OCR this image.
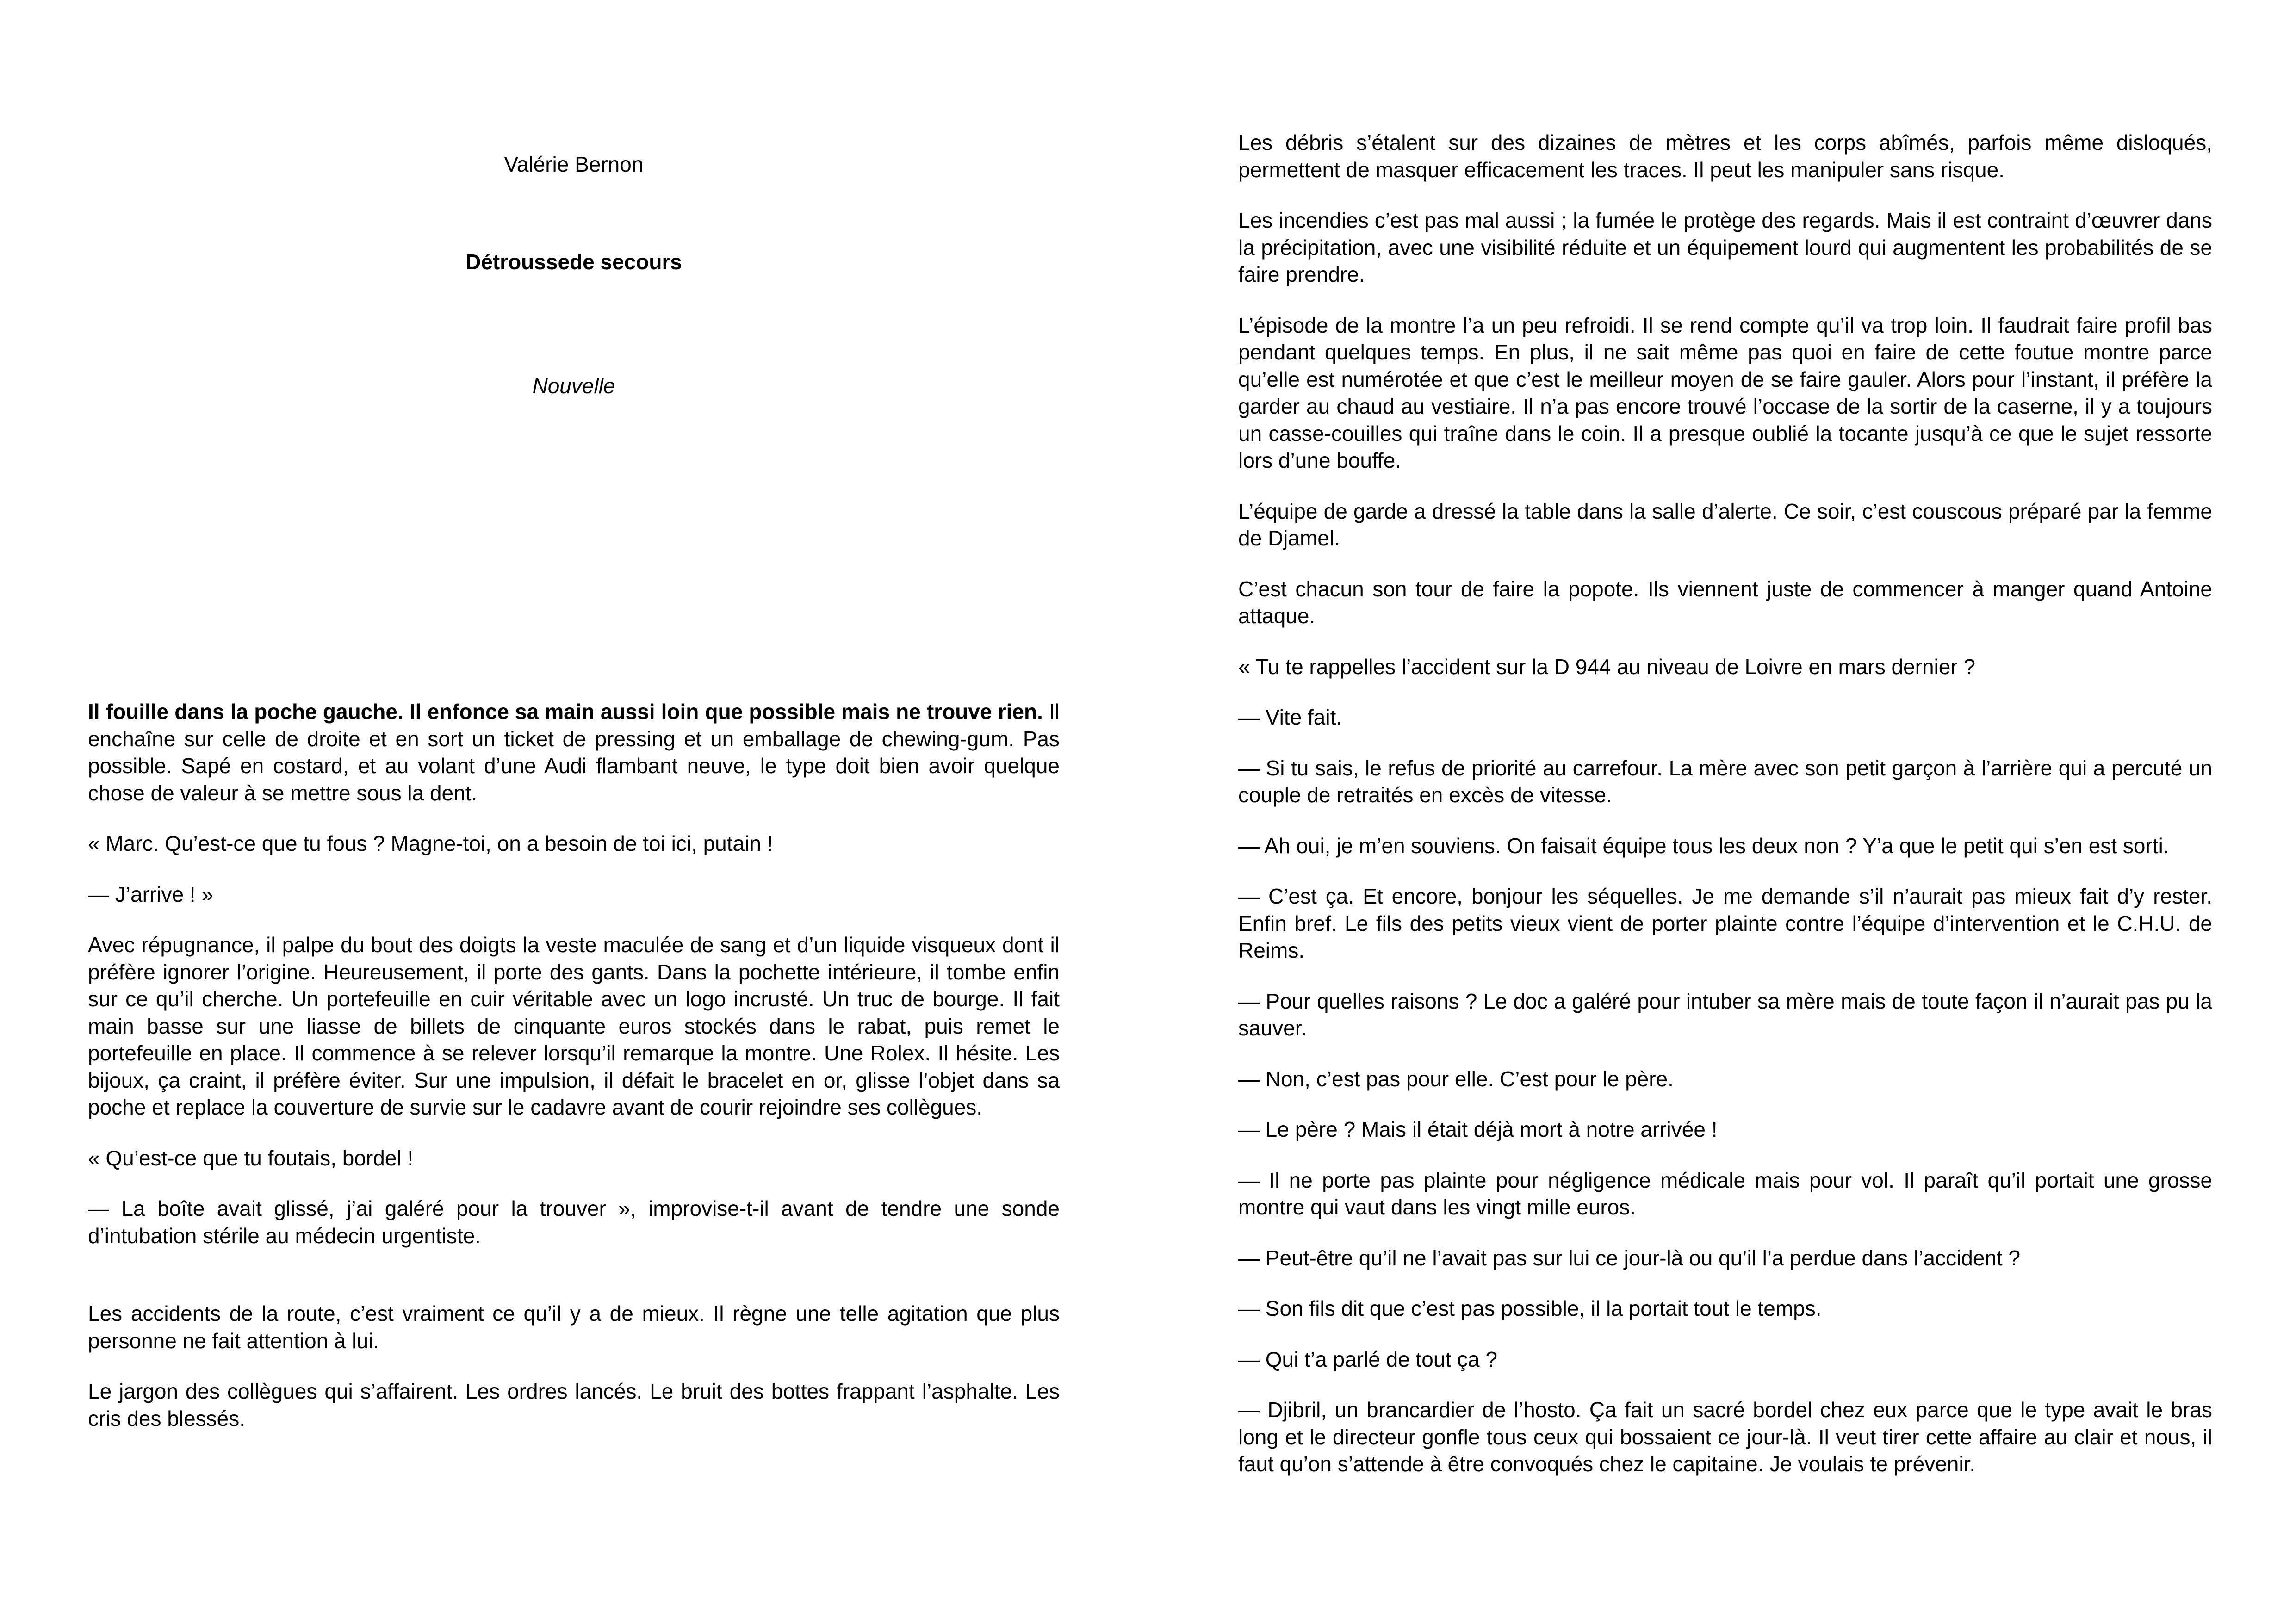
Valérie Bernon
Détroussede secours
Nouvelle

Il fouille dans la poche gauche. Il enfonce sa main aussi loin que possible mais ne trouve rien. Il enchaîne sur celle de droite et en sort un ticket de pressing et un emballage de chewing-gum. Pas possible. Sapé en costard, et au volant d’une Audi flambant neuve, le type doit bien avoir quelque chose de valeur à se mettre sous la dent.

« Marc. Qu’est-ce que tu fous ? Magne-toi, on a besoin de toi ici, putain !

— J’arrive ! »

Avec répugnance, il palpe du bout des doigts la veste maculée de sang et d’un liquide visqueux dont il préfère ignorer l’origine. Heureusement, il porte des gants. Dans la pochette intérieure, il tombe enfin sur ce qu’il cherche. Un portefeuille en cuir véritable avec un logo incrusté. Un truc de bourge. Il fait main basse sur une liasse de billets de cinquante euros stockés dans le rabat, puis remet le portefeuille en place. Il commence à se relever lorsqu’il remarque la montre. Une Rolex. Il hésite. Les bijoux, ça craint, il préfère éviter. Sur une impulsion, il défait le bracelet en or, glisse l’objet dans sa poche et replace la couverture de survie sur le cadavre avant de courir rejoindre ses collègues.

« Qu’est-ce que tu foutais, bordel !

— La boîte avait glissé, j’ai galéré pour la trouver », improvise-t-il avant de tendre une sonde d’intubation stérile au médecin urgentiste.

Les accidents de la route, c’est vraiment ce qu’il y a de mieux. Il règne une telle agitation que plus personne ne fait attention à lui.

Le jargon des collègues qui s’affairent. Les ordres lancés. Le bruit des bottes frappant l’asphalte. Les cris des blessés.

Les débris s’étalent sur des dizaines de mètres et les corps abîmés, parfois même disloqués, permettent de masquer efficacement les traces. Il peut les manipuler sans risque.

Les incendies c’est pas mal aussi ; la fumée le protège des regards. Mais il est contraint d’œuvrer dans la précipitation, avec une visibilité réduite et un équipement lourd qui augmentent les probabilités de se faire prendre.

L’épisode de la montre l’a un peu refroidi. Il se rend compte qu’il va trop loin. Il faudrait faire profil bas pendant quelques temps. En plus, il ne sait même pas quoi en faire de cette foutue montre parce qu’elle est numérotée et que c’est le meilleur moyen de se faire gauler. Alors pour l’instant, il préfère la garder au chaud au vestiaire. Il n’a pas encore trouvé l’occase de la sortir de la caserne, il y a toujours un casse-couilles qui traîne dans le coin. Il a presque oublié la tocante jusqu’à ce que le sujet ressorte lors d’une bouffe.

L’équipe de garde a dressé la table dans la salle d’alerte. Ce soir, c’est couscous préparé par la femme de Djamel.

C’est chacun son tour de faire la popote. Ils viennent juste de commencer à manger quand Antoine attaque.

« Tu te rappelles l’accident sur la D 944 au niveau de Loivre en mars dernier ?

— Vite fait.

— Si tu sais, le refus de priorité au carrefour. La mère avec son petit garçon à l’arrière qui a percuté un couple de retraités en excès de vitesse.

— Ah oui, je m’en souviens. On faisait équipe tous les deux non ? Y’a que le petit qui s’en est sorti.

— C’est ça. Et encore, bonjour les séquelles. Je me demande s’il n’aurait pas mieux fait d’y rester. Enfin bref. Le fils des petits vieux vient de porter plainte contre l’équipe d’intervention et le C.H.U. de Reims.

— Pour quelles raisons ? Le doc a galéré pour intuber sa mère mais de toute façon il n’aurait pas pu la sauver.

— Non, c’est pas pour elle. C’est pour le père.

— Le père ? Mais il était déjà mort à notre arrivée !

— Il ne porte pas plainte pour négligence médicale mais pour vol. Il paraît qu’il portait une grosse montre qui vaut dans les vingt mille euros.

— Peut-être qu’il ne l’avait pas sur lui ce jour-là ou qu’il l’a perdue dans l’accident ?

— Son fils dit que c’est pas possible, il la portait tout le temps.

— Qui t’a parlé de tout ça ?

— Djibril, un brancardier de l’hosto. Ça fait un sacré bordel chez eux parce que le type avait le bras long et le directeur gonfle tous ceux qui bossaient ce jour-là. Il veut tirer cette affaire au clair et nous, il faut qu’on s’attende à être convoqués chez le capitaine. Je voulais te prévenir.
